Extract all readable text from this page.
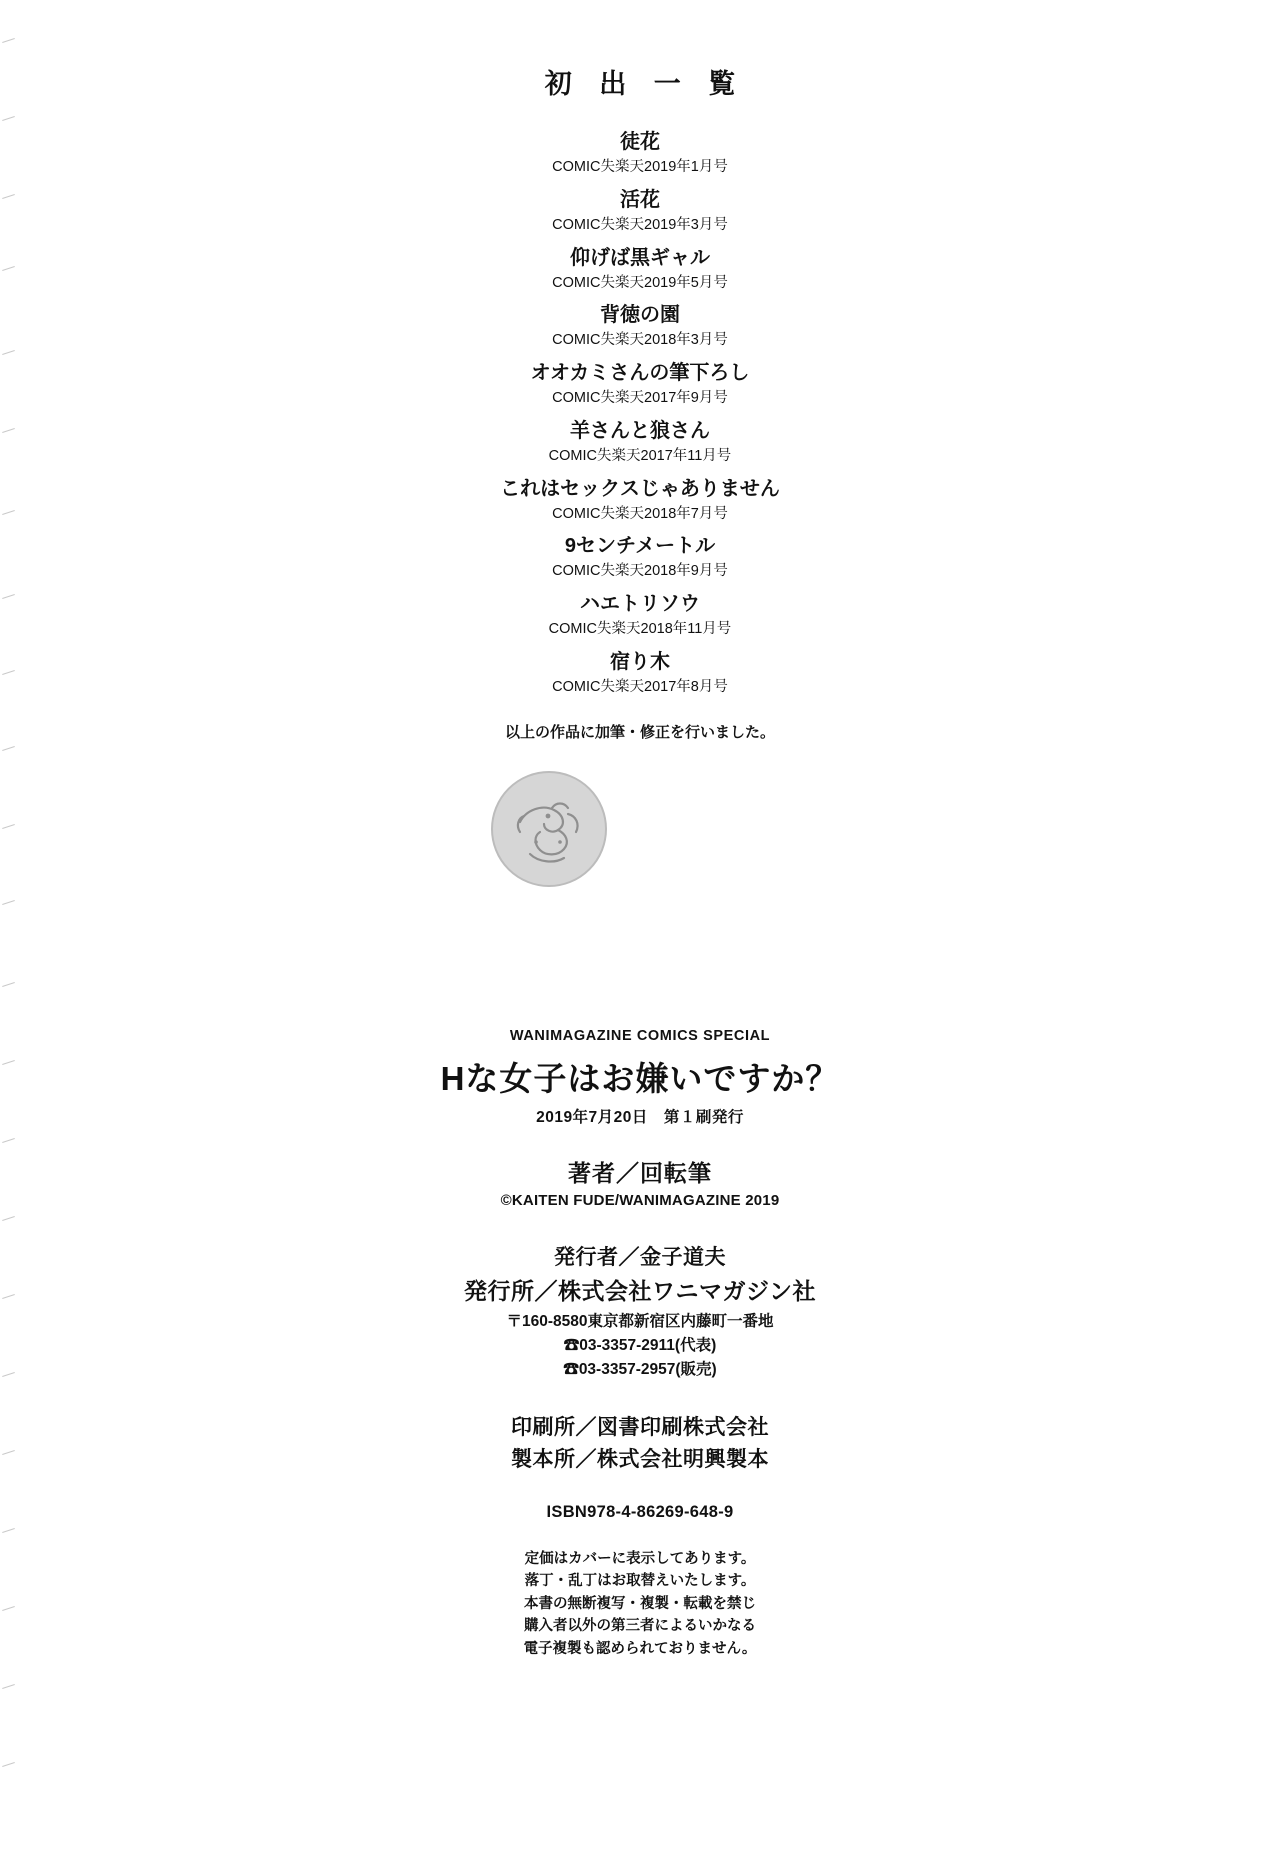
初 出 一 覧
徒花
COMIC失楽天2019年1月号
活花
COMIC失楽天2019年3月号
仰げば黒ギャル
COMIC失楽天2019年5月号
背徳の園
COMIC失楽天2018年3月号
オオカミさんの筆下ろし
COMIC失楽天2017年9月号
羊さんと狼さん
COMIC失楽天2017年11月号
これはセックスじゃありません
COMIC失楽天2018年7月号
9センチメートル
COMIC失楽天2018年9月号
ハエトリソウ
COMIC失楽天2018年11月号
宿り木
COMIC失楽天2017年8月号
以上の作品に加筆・修正を行いました。
WANIMAGAZINE COMICS SPECIAL
Hな女子はお嫌いですか？
2019年7月20日　第１刷発行
著者／回転筆
©KAITEN FUDE/WANIMAGAZINE 2019
発行者／金子道夫
発行所／株式会社ワニマガジン社
〒160-8580東京都新宿区内藤町一番地
☎03-3357-2911(代表)
☎03-3357-2957(販売)
印刷所／図書印刷株式会社
製本所／株式会社明興製本
ISBN978-4-86269-648-9
定価はカバーに表示してあります。
落丁・乱丁はお取替えいたします。
本書の無断複写・複製・転載を禁じ
購入者以外の第三者によるいかなる
電子複製も認められておりません。
